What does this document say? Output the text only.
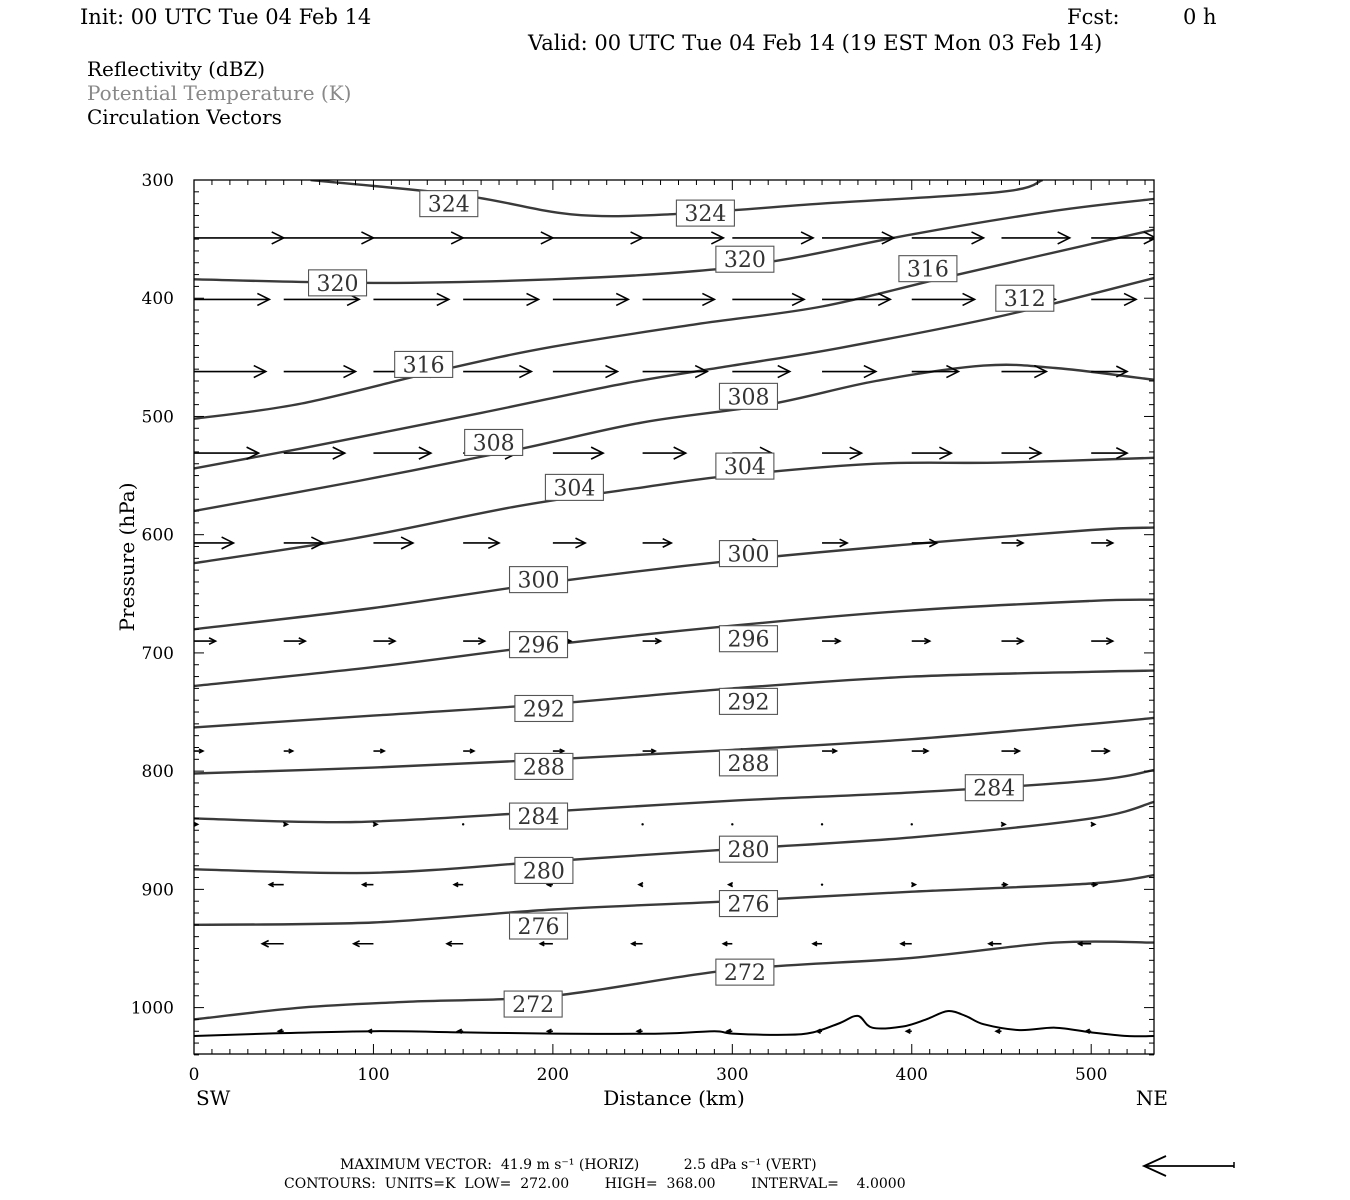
Init: 00 UTC Tue 04 Feb 14	Fcst:	0 h
Valid: 00 UTC Tue 04 Feb 14 (19 EST Mon 03 Feb 14)
Reflectivity (dBZ)
Potential Temperature (K)
Circulation Vectors
324	324
320
320	316
312
316
308
308
304
304
300
300
296
296
292
292
288
288
284
284
280
280
276
276
272
272
0	100	200	300	400	500
300
400
500
600
700
800
900
1000
Distance (km)
SW	NE
Pressure (hPa)
MAXIMUM VECTOR:  41.9 m s⁻¹ (HORIZ)          2.5 dPa s⁻¹ (VERT)
CONTOURS:  UNITS=K  LOW=  272.00        HIGH=  368.00        INTERVAL=    4.0000
